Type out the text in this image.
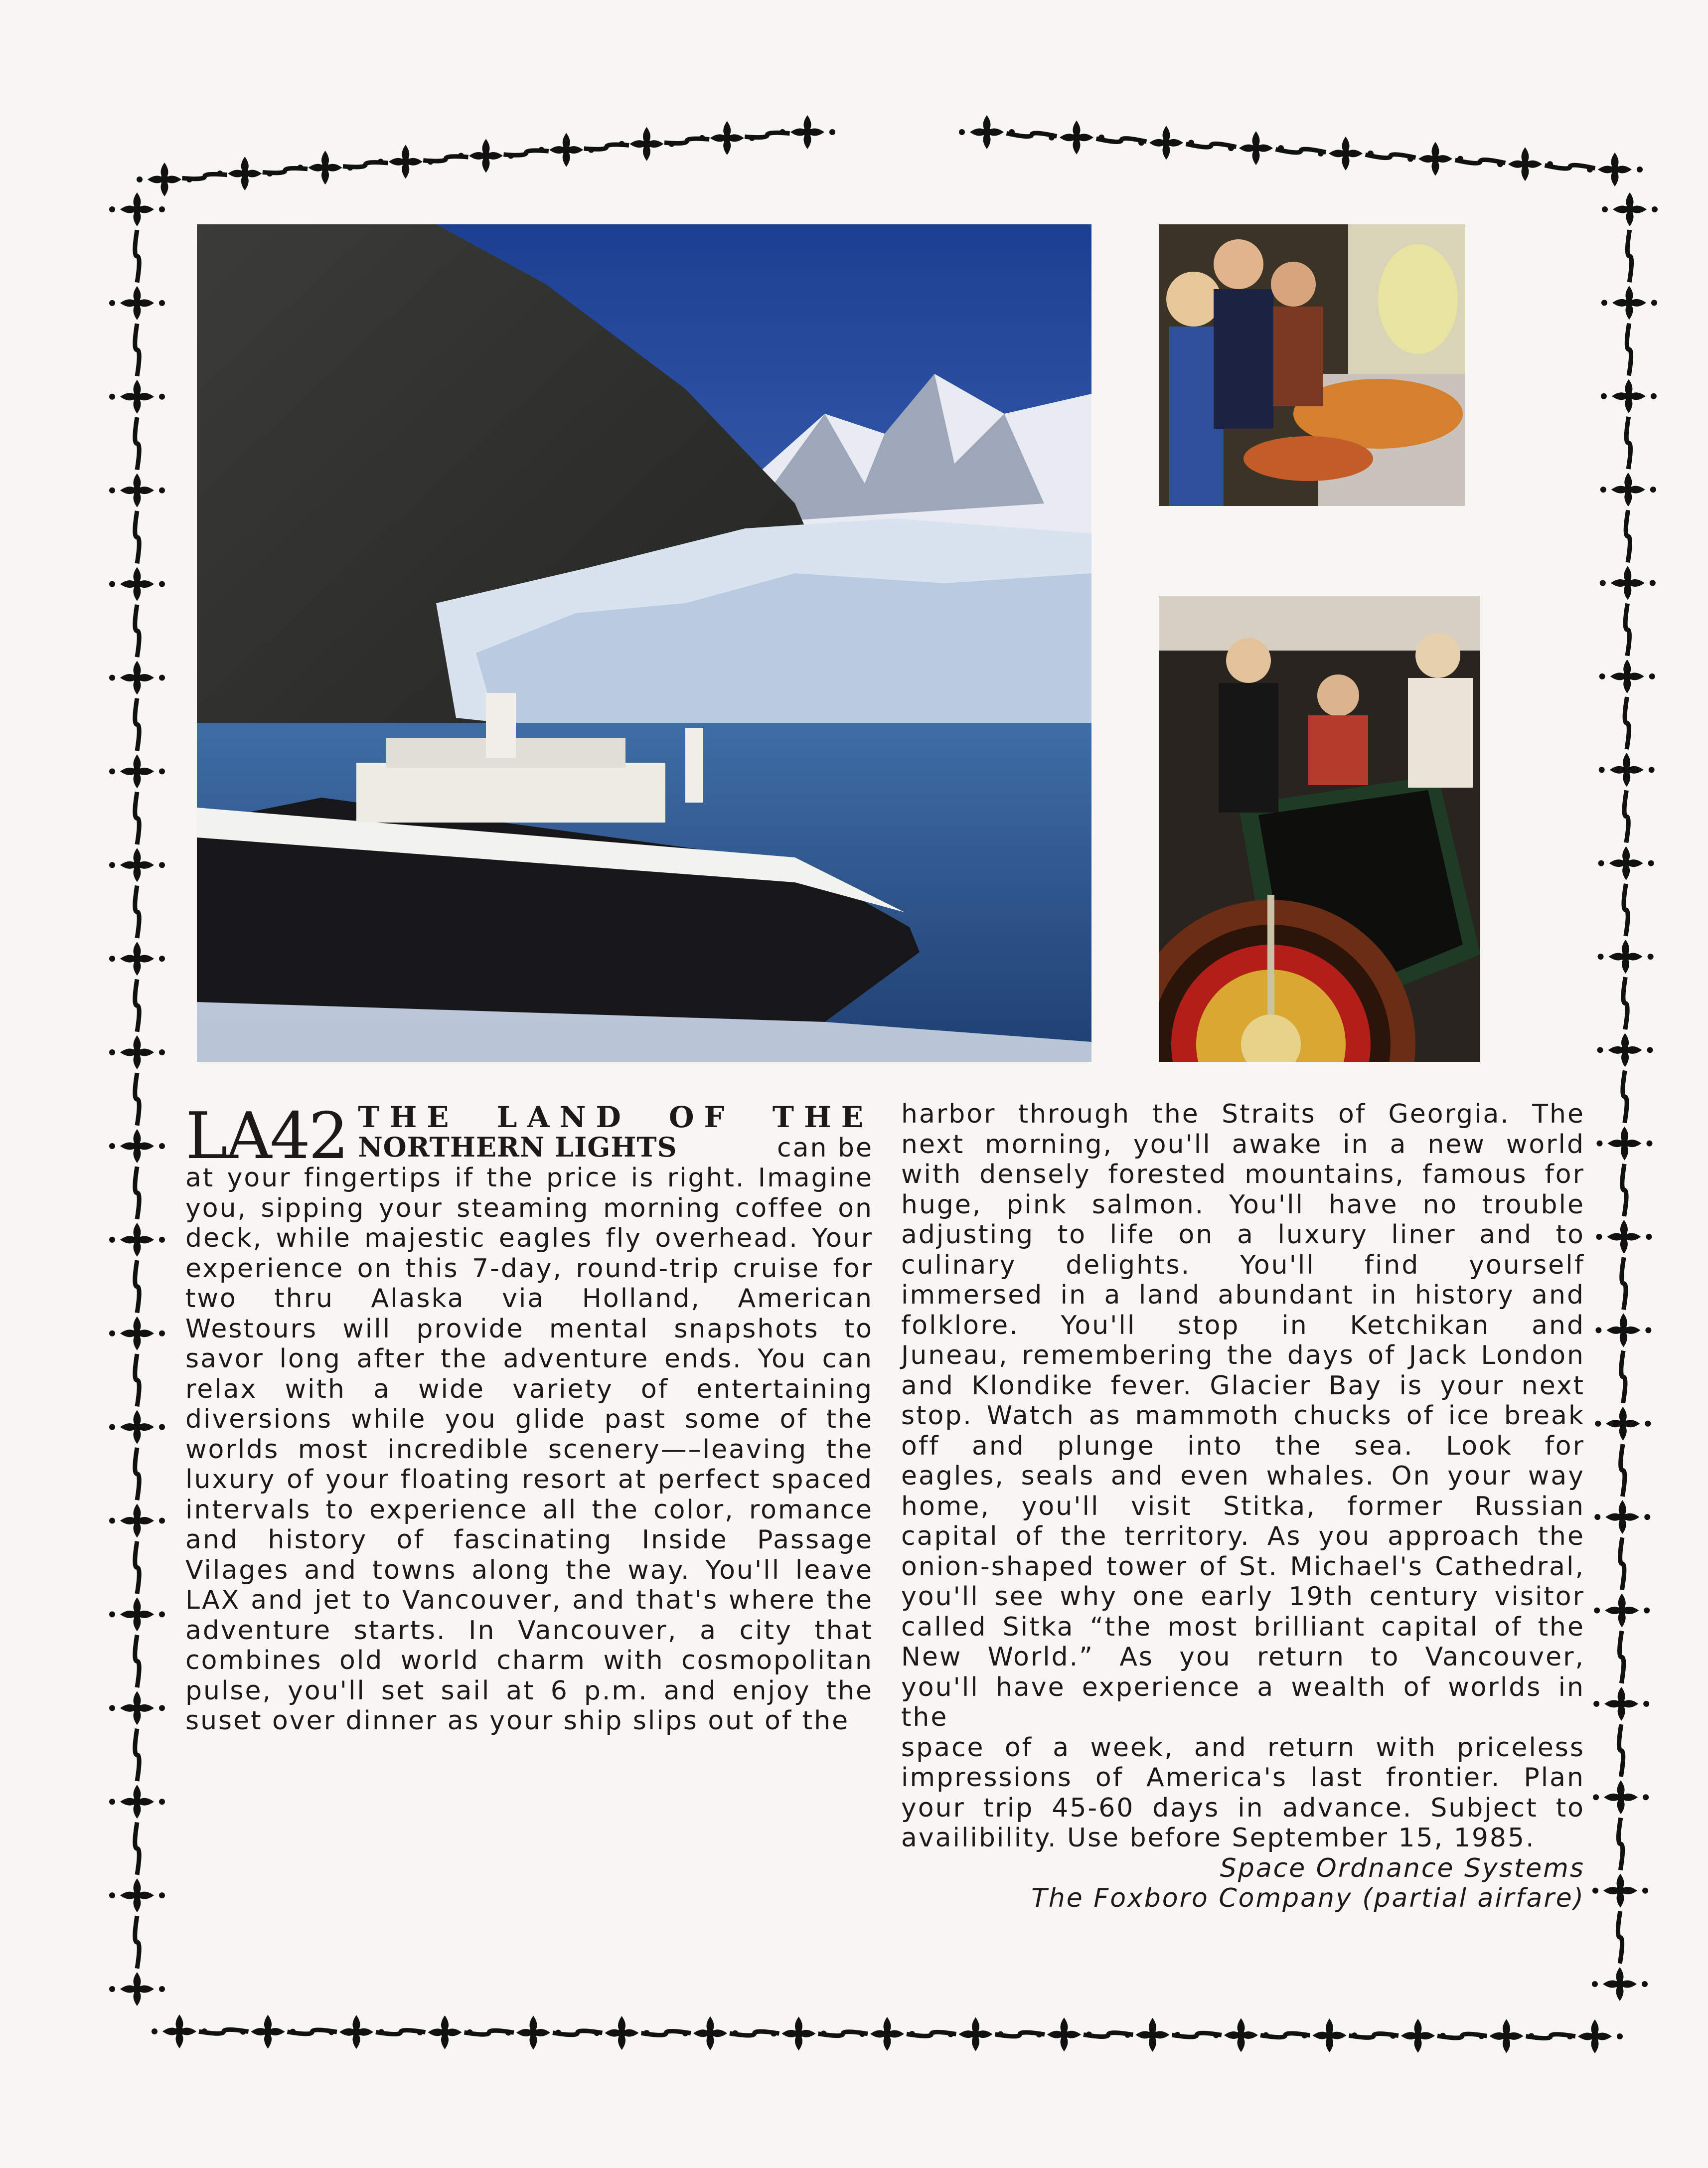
LA42 THE LAND OF THE
NORTHERN LIGHTS	can be

at your fingertips if the price is right. Imagine

you, sipping your steaming morning coffee on

deck, while majestic eagles fly overhead. Your

experience on this 7-day, round-trip cruise for

two thru Alaska via Holland, American

Westours will provide mental snapshots to

savor long after the adventure ends. You can

relax with a wide variety of entertaining

diversions while you glide past some of the

worlds most incredible scenery—–leaving the

luxury of your floating resort at perfect spaced

intervals to experience all the color, romance

and history of fascinating Inside Passage

Vilages and towns along the way. You'll leave

LAX and jet to Vancouver, and that's where the

adventure starts. In Vancouver, a city that

combines old world charm with cosmopolitan

pulse, you'll set sail at 6 p.m. and enjoy the

suset over dinner as your ship slips out of the

harbor through the Straits of Georgia. The

next morning, you'll awake in a new world

with densely forested mountains, famous for

huge, pink salmon. You'll have no trouble

adjusting to life on a luxury liner and to

culinary delights. You'll find yourself

immersed in a land abundant in history and

folklore. You'll stop in Ketchikan and

Juneau, remembering the days of Jack London

and Klondike fever. Glacier Bay is your next

stop. Watch as mammoth chucks of ice break

off and plunge into the sea. Look for

eagles, seals and even whales. On your way

home, you'll visit Stitka, former Russian

capital of the territory. As you approach the

onion-shaped tower of St. Michael's Cathedral,

you'll see why one early 19th century visitor

called Sitka “the most brilliant capital of the

New World.” As you return to Vancouver,

you'll have experience a wealth of worlds in the

space of a week, and return with priceless

impressions of America's last frontier. Plan

your trip 45-60 days in advance. Subject to

availibility. Use before September 15, 1985.

Space Ordnance Systems

The Foxboro Company (partial airfare)
